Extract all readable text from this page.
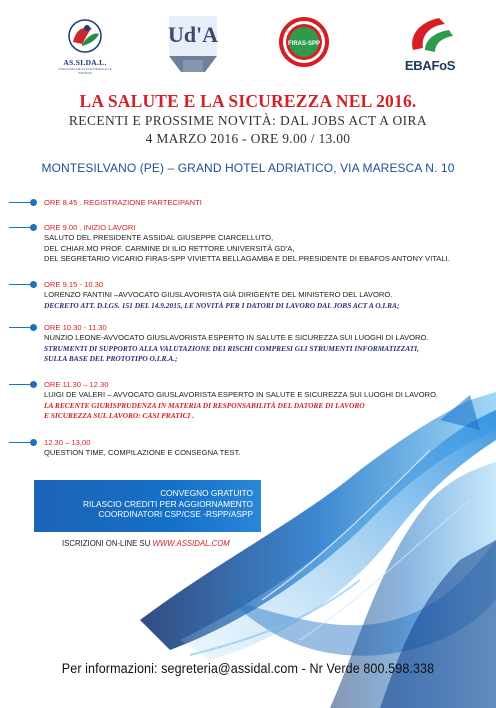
AS.SI.DA.L.
ASSOCIAZIONE DI ASSISTENZA ALLE IMPRESE
Ud'A	FIRAS-SPP
EBAFoS
LA SALUTE E LA SICUREZZA NEL 2016.
RECENTI E PROSSIME NOVITÀ: DAL JOBS ACT A OIRA
4 MARZO 2016 - ORE 9.00 / 13.00
MONTESILVANO (PE) – GRAND HOTEL ADRIATICO, VIA MARESCA N. 10
ORE 8.45 . REGISTRAZIONE PARTECIPANTI
ORE 9.00 . INIZIO LAVORI
SALUTO DEL PRESIDENTE ASSIDAL GIUSEPPE CIARCELLUTO,
DEL CHIAR.MO PROF. CARMINE DI ILIO RETTORE UNIVERSITÀ GD'A,
DEL SEGRETARIO VICARIO FIRAS-SPP VIVIETTA BELLAGAMBA E DEL PRESIDENTE DI EBAFOS ANTONY VITALI.
ORE 9.15 - 10.30
LORENZO FANTINI –AVVOCATO GIUSLAVORISTA GIÀ DIRIGENTE DEL MINISTERO DEL LAVORO.
DECRETO ATT. D.LGS. 151 DEL 14.9.2015, LE NOVITÀ PER I DATORI DI LAVORO DAL JOBS ACT A O.I.RA;
ORE 10.30 - 11.30
NUNZIO LEONE-AVVOCATO GIUSLAVORISTA ESPERTO IN SALUTE E SICUREZZA SUI LUOGHI DI LAVORO.
STRUMENTI DI SUPPORTO ALLA VALUTAZIONE DEI RISCHI COMPRESI GLI STRUMENTI INFORMATIZZATI,
SULLA BASE DEL PROTOTIPO O.I.R.A.;
ORE 11.30 – 12.30
LUIGI DE VALERI – AVVOCATO GIUSLAVORISTA ESPERTO IN SALUTE E SICUREZZA SUI LUOGHI DI LAVORO.
LA RECENTE GIURISPRUDENZA IN MATERIA DI RESPONSABILITÀ DEL DATORE DI LAVORO
E SICUREZZA SUL LAVORO: CASI PRATICI .
12.30 – 13,00
QUESTION TIME, COMPILAZIONE E CONSEGNA TEST.
CONVEGNO GRATUITO
RILASCIO CREDITI PER AGGIORNAMENTO
COORDINATORI CSP/CSE -RSPP/ASPP
ISCRIZIONI ON-LINE SU WWW.ASSIDAL.COM
Per informazioni: segreteria@assidal.com - Nr Verde 800.598.338
